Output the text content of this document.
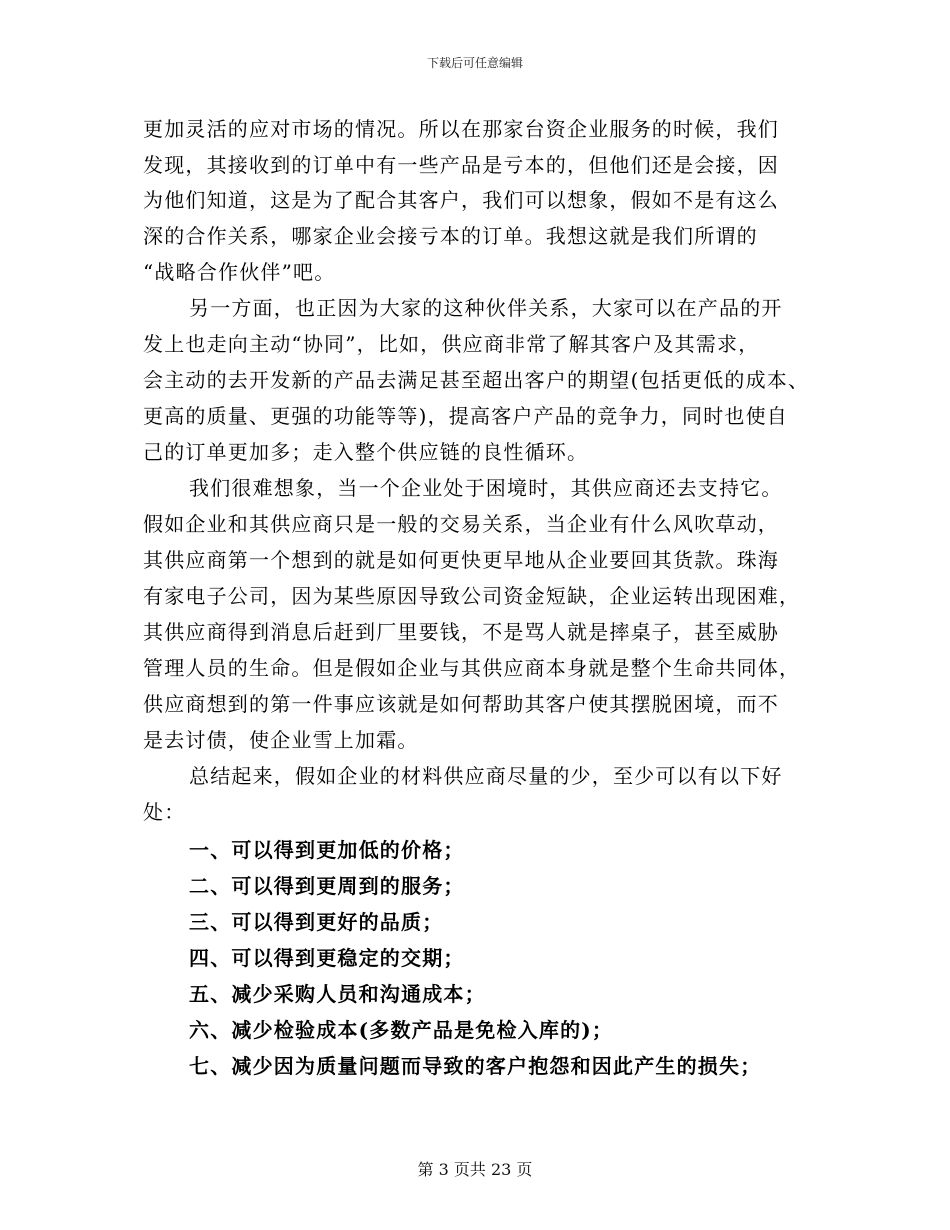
下载后可任意编辑
更加灵活的应对市场的情况。所以在那家台资企业服务的时候，我们
发现，其接收到的订单中有一些产品是亏本的，但他们还是会接，因
为他们知道，这是为了配合其客户，我们可以想象，假如不是有这么
深的合作关系，哪家企业会接亏本的订单。我想这就是我们所谓的
“战略合作伙伴”吧。
另一方面，也正因为大家的这种伙伴关系，大家可以在产品的开
发上也走向主动“协同”，比如，供应商非常了解其客户及其需求，
会主动的去开发新的产品去满足甚至超出客户的期望(包括更低的成本、
更高的质量、更强的功能等等)，提高客户产品的竞争力，同时也使自
己的订单更加多；走入整个供应链的良性循环。
我们很难想象，当一个企业处于困境时，其供应商还去支持它。
假如企业和其供应商只是一般的交易关系，当企业有什么风吹草动，
其供应商第一个想到的就是如何更快更早地从企业要回其货款。珠海
有家电子公司，因为某些原因导致公司资金短缺，企业运转出现困难，
其供应商得到消息后赶到厂里要钱，不是骂人就是摔桌子，甚至威胁
管理人员的生命。但是假如企业与其供应商本身就是整个生命共同体，
供应商想到的第一件事应该就是如何帮助其客户使其摆脱困境，而不
是去讨债，使企业雪上加霜。
总结起来，假如企业的材料供应商尽量的少，至少可以有以下好
处：
一、可以得到更加低的价格；
二、可以得到更周到的服务；
三、可以得到更好的品质；
四、可以得到更稳定的交期；
五、减少采购人员和沟通成本；
六、减少检验成本(多数产品是免检入库的)；
七、减少因为质量问题而导致的客户抱怨和因此产生的损失；
第 3 页共 23 页
